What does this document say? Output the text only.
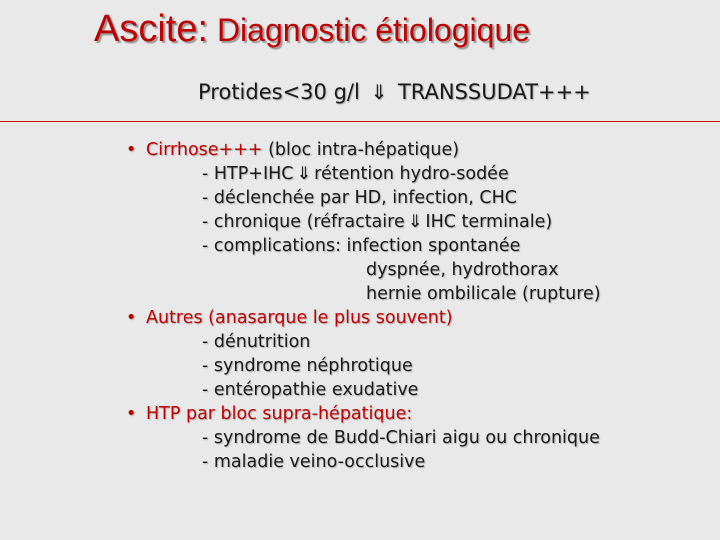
Ascite: Diagnostic étiologique
Protides<30 g/l ⇓ TRANSSUDAT+++
• Cirrhose+++ (bloc intra-hépatique)
- HTP+IHC ⇓ rétention hydro-sodée
- déclenchée par HD, infection, CHC
- chronique (réfractaire ⇓ IHC terminale)
- complications: infection spontanée
dyspnée, hydrothorax
hernie ombilicale (rupture)
• Autres (anasarque le plus souvent)
- dénutrition
- syndrome néphrotique
- entéropathie exudative
• HTP par bloc supra-hépatique:
- syndrome de Budd-Chiari aigu ou chronique
- maladie veino-occlusive
